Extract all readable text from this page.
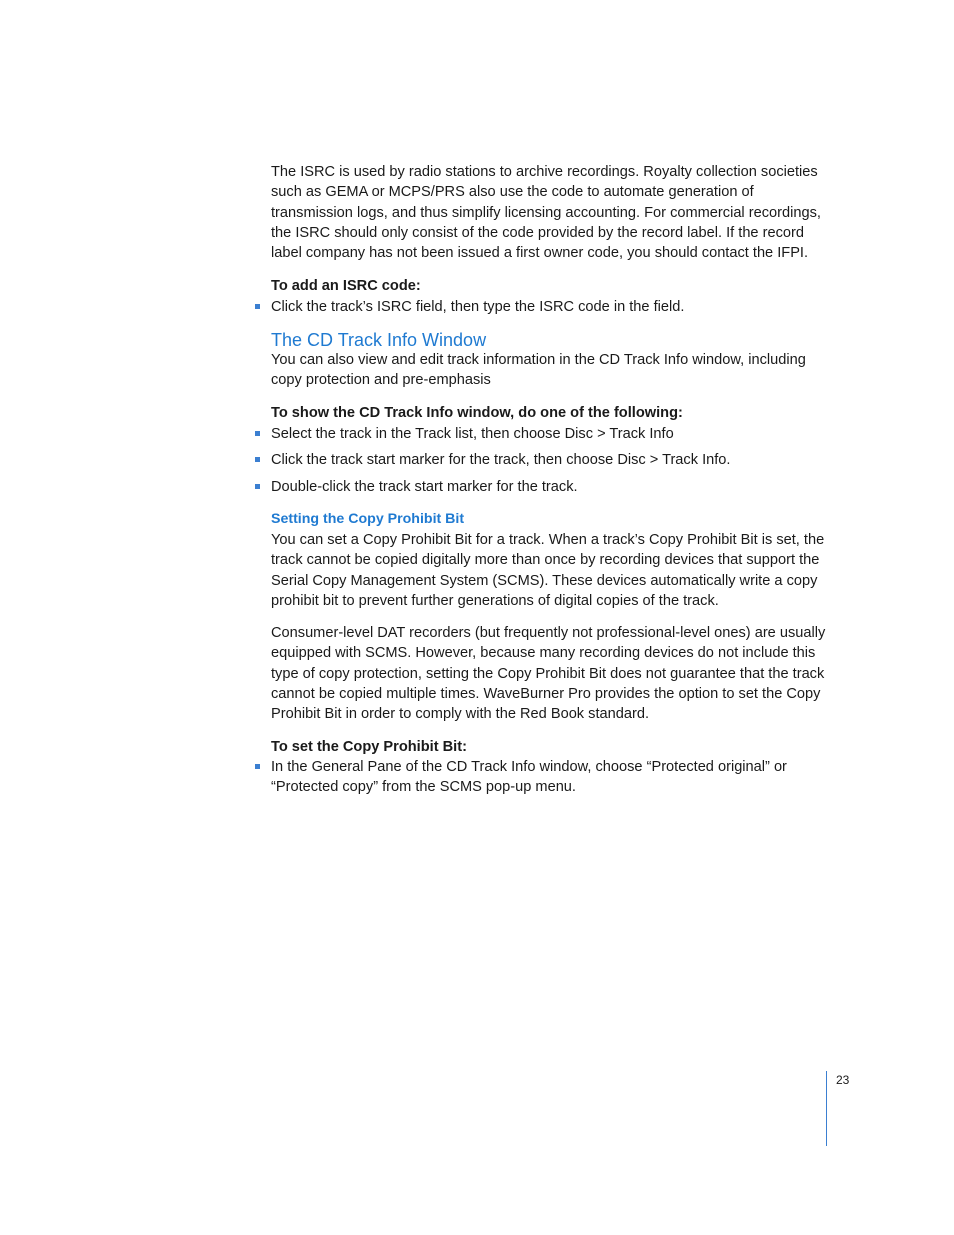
The ISRC is used by radio stations to archive recordings. Royalty collection societies such as GEMA or MCPS/PRS also use the code to automate generation of transmission logs, and thus simplify licensing accounting. For commercial recordings, the ISRC should only consist of the code provided by the record label. If the record label company has not been issued a first owner code, you should contact the IFPI.

To add an ISRC code:

Click the track’s ISRC field, then type the ISRC code in the field.

The CD Track Info Window

You can also view and edit track information in the CD Track Info window, including copy protection and pre-emphasis

To show the CD Track Info window, do one of the following:

Select the track in the Track list, then choose Disc > Track Info

Click the track start marker for the track, then choose Disc > Track Info.

Double-click the track start marker for the track.

Setting the Copy Prohibit Bit

You can set a Copy Prohibit Bit for a track. When a track’s Copy Prohibit Bit is set, the track cannot be copied digitally more than once by recording devices that support the Serial Copy Management System (SCMS). These devices automatically write a copy prohibit bit to prevent further generations of digital copies of the track.

Consumer-level DAT recorders (but frequently not professional-level ones) are usually equipped with SCMS. However, because many recording devices do not include this type of copy protection, setting the Copy Prohibit Bit does not guarantee that the track cannot be copied multiple times. WaveBurner Pro provides the option to set the Copy Prohibit Bit in order to comply with the Red Book standard.

To set the Copy Prohibit Bit:

In the General Pane of the CD Track Info window, choose “Protected original” or “Protected copy” from the SCMS pop-up menu.

23
